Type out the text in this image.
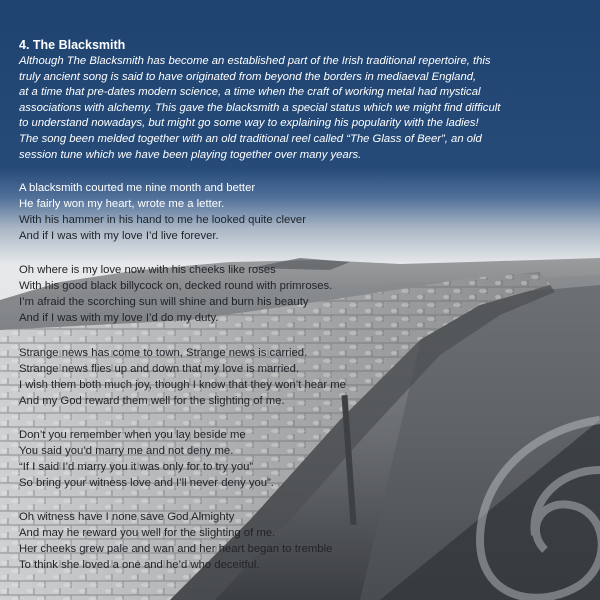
4. The Blacksmith

Although The Blacksmith has become an established part of the Irish traditional repertoire, this

truly ancient song is said to have originated from beyond the borders in mediaeval England,

at a time that pre-dates modern science, a time when the craft of working metal had mystical

associations with alchemy. This gave the blacksmith a special status which we might find difficult

to understand nowadays, but might go some way to explaining his popularity with the ladies!

The song been melded together with an old traditional reel called “The Glass of Beer”, an old

session tune which we have been playing together over many years.

A blacksmith courted me nine month and better

He fairly won my heart, wrote me a letter.

With his hammer in his hand to me he looked quite clever

And if I was with my love I’d live forever.

Oh where is my love now with his cheeks like roses

With his good black billycock on, decked round with primroses.

I’m afraid the scorching sun will shine and burn his beauty

And if I was with my love I’d do my duty.

Strange news has come to town, Strange news is carried.

Strange news flies up and down that my love is married.

I wish them both much joy, though I know that they won’t hear me

And my God reward them well for the slighting of me.

Don’t you remember when you lay beside me

You said you’d marry me and not deny me.

“If I said I’d marry you it was only for to try you”

So bring your witness love and I’ll never deny you”.

Oh witness have I none save God Almighty

And may he reward you well for the slighting of me.

Her cheeks grew pale and wan and her heart began to tremble

To think she loved a one and he’d who deceitful.
